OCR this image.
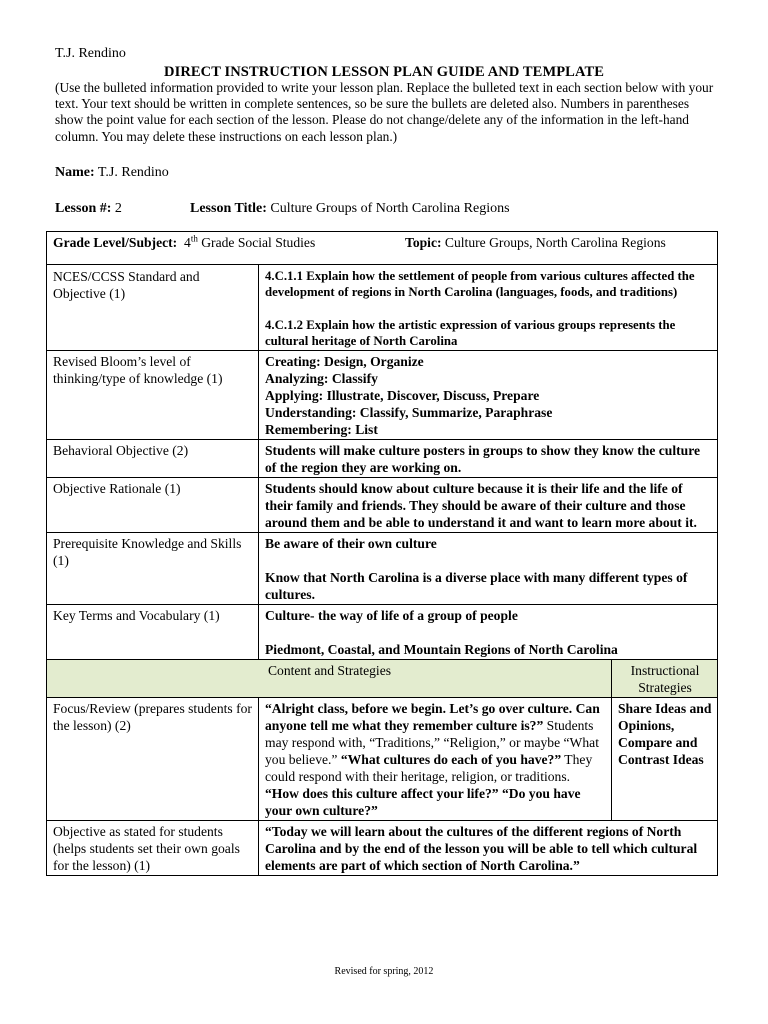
T.J. Rendino
DIRECT INSTRUCTION LESSON PLAN GUIDE AND TEMPLATE
(Use the bulleted information provided to write your lesson plan. Replace the bulleted text in each section below with your text. Your text should be written in complete sentences, so be sure the bullets are deleted also. Numbers in parentheses show the point value for each section of the lesson. Please do not change/delete any of the information in the left-hand column. You may delete these instructions on each lesson plan.)
Name: T.J. Rendino
Lesson #: 2	Lesson Title: Culture Groups of North Carolina Regions
Grade Level/Subject: 4th Grade Social Studies Topic: Culture Groups, North Carolina Regions		

NCES/CCSS Standard and Objective (1)	4.C.1.1 Explain how the settlement of people from various cultures affected the development of regions in North Carolina (languages, foods, and traditions)
4.C.1.2 Explain how the artistic expression of various groups represents the cultural heritage of North Carolina	

Revised Bloom’s level of thinking/type of knowledge (1)	Creating: Design, Organize
Analyzing: Classify
Applying: Illustrate, Discover, Discuss, Prepare
Understanding: Classify, Summarize, Paraphrase
Remembering: List	

Behavioral Objective (2)	Students will make culture posters in groups to show they know the culture of the region they are working on.	
Objective Rationale (1)	Students should know about culture because it is their life and the life of their family and friends. They should be aware of their culture and those around them and be able to understand it and want to learn more about it.	
Prerequisite Knowledge and Skills (1)	Be aware of their own culture
Know that North Carolina is a diverse place with many different types of cultures.	

Key Terms and Vocabulary (1)	Culture- the way of life of a group of people
Piedmont, Coastal, and Mountain Regions of North Carolina	

Content and Strategies		Instructional Strategies
Focus/Review (prepares students for the lesson) (2)	“Alright class, before we begin. Let’s go over culture. Can anyone tell me what they remember culture is?” Students may respond with, “Traditions,” “Religion,” or maybe “What you believe.” “What cultures do each of you have?” They could respond with their heritage, religion, or traditions. “How does this culture affect your life?” “Do you have your own culture?”	Share Ideas and Opinions, Compare and Contrast Ideas
Objective as stated for students (helps students set their own goals for the lesson) (1)	“Today we will learn about the cultures of the different regions of North Carolina and by the end of the lesson you will be able to tell which cultural elements are part of which section of North Carolina.”	
Revised for spring, 2012
